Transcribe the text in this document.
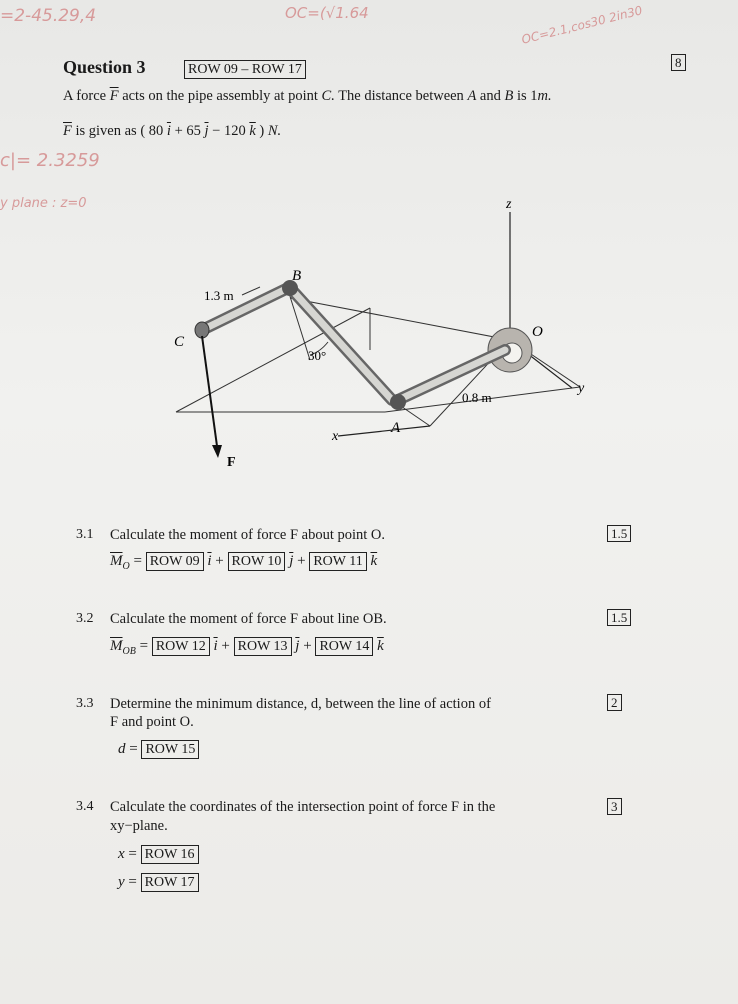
=2-45.29,4	OC=(√1.64	OC=2.1,cos30 2in30
c|= 2.3259
y plane : z=0
Question 3	ROW 09 – ROW 17	8
A force $\overline{F}$ acts on the pipe assembly at point C. The distance between A and B is 1m.
$\overline{F}$ is given as ( 80 $\overline{i} + 65$ $\overline{j} - 120$ $\overline{k}$ ) N.
z
y
x
O
A
B
C
F
1.3 m
0.8 m
30°
3.1 Calculate the moment of force F about point O.	1.5
$\overline{M}_O$ = ROW 09 $\overline{i}$ + ROW 10 $\overline{j}$ + ROW 11 $\overline{k}$
3.2 Calculate the moment of force F about line OB.	1.5
$\overline{M}_{OB}$ = ROW 12 $\overline{i}$ + ROW 13 $\overline{j}$ + ROW 14 $\overline{k}$
3.3 Determine the minimum distance, d, between the line of action of
F and point O.
2
d = ROW 15
3.4 Calculate the coordinates of the intersection point of force F in the
xy−plane.
3
x = ROW 16
y = ROW 17
